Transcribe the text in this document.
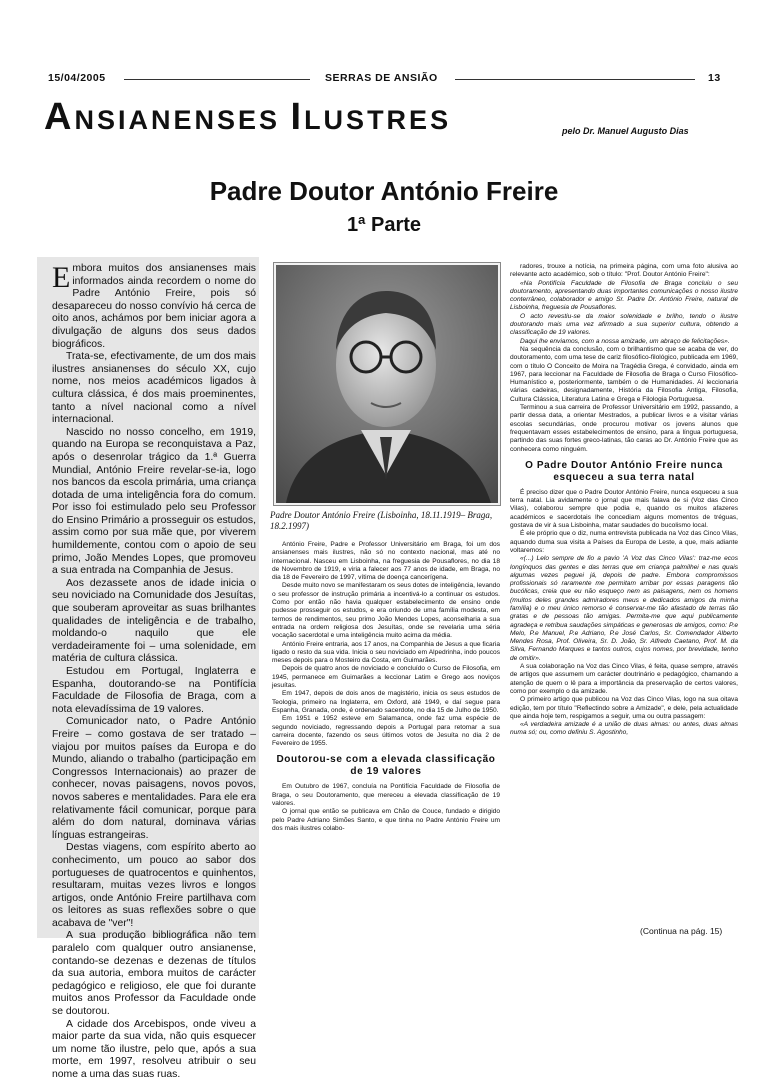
15/04/2005	SERRAS DE ANSIÃO	13
ANSIANENSES ILUSTRES	pelo Dr. Manuel Augusto Dias
Padre Doutor António Freire
1ª Parte
Padre Doutor António Freire (Lisboinha, 18.11.1919– Braga, 18.2.1997)

Embora muitos dos ansianenses mais informados ainda recordem o nome do Padre António Freire, pois só desapareceu do nosso convívio há cerca de oito anos, achámos por bem iniciar agora a divulgação de alguns dos seus dados biográficos.

Trata-se, efectivamente, de um dos mais ilustres ansianenses do século XX, cujo nome, nos meios académicos ligados à cultura clássica, é dos mais proeminentes, tanto a nível nacional como a nível internacional.

Nascido no nosso concelho, em 1919, quando na Europa se reconquistava a Paz, após o desenrolar trágico da 1.ª Guerra Mundial, António Freire revelar-se-ia, logo nos bancos da escola primária, uma criança dotada de uma inteligência fora do comum. Por isso foi estimulado pelo seu Professor do Ensino Primário a prosseguir os estudos, assim como por sua mãe que, por viverem humildemente, contou com o apoio de seu primo, João Mendes Lopes, que promoveu a sua entrada na Companhia de Jesus.

Aos dezassete anos de idade inicia o seu noviciado na Comunidade dos Jesuítas, que souberam aproveitar as suas brilhantes qualidades de inteligência e de trabalho, moldando-o naquilo que ele verdadeiramente foi – uma solenidade, em matéria de cultura clássica.

Estudou em Portugal, Inglaterra e Espanha, doutorando-se na Pontifícia Faculdade de Filosofia de Braga, com a nota elevadíssima de 19 valores.

Comunicador nato, o Padre António Freire – como gostava de ser tratado – viajou por muitos países da Europa e do Mundo, aliando o trabalho (participação em Congressos Internacionais) ao prazer de conhecer, novas paisagens, novos povos, novos saberes e mentalidades. Para ele era relativamente fácil comunicar, porque para além do dom natural, dominava várias línguas estrangeiras.

Destas viagens, com espírito aberto ao conhecimento, um pouco ao sabor dos portugueses de quatrocentos e quinhentos, resultaram, muitas vezes livros e longos artigos, onde António Freire partilhava com os leitores as suas reflexões sobre o que acabava de "ver"!

A sua produção bibliográfica não tem paralelo com qualquer outro ansianense, contando-se dezenas e dezenas de títulos da sua autoria, embora muitos de carácter pedagógico e religioso, ele que foi durante muitos anos Professor da Faculdade onde se doutorou.

A cidade dos Arcebispos, onde viveu a maior parte da sua vida, não quis esquecer um nome tão ilustre, pelo que, após a sua morte, em 1997, resolveu atribuir o seu nome a uma das suas ruas.

António Freire, Padre e Professor Universitário em Braga, foi um dos ansianenses mais ilustres, não só no contexto nacional, mas até no internacional. Nasceu em Lisboinha, na freguesia de Pousaflores, no dia 18 de Novembro de 1919, e viria a falecer aos 77 anos de idade, em Braga, no dia 18 de Fevereiro de 1997, vítima de doença cancerígena.

Desde muito novo se manifestaram os seus dotes de inteligência, levando o seu professor de instrução primária a incentivá-lo a continuar os estudos. Como por então não havia qualquer estabelecimento de ensino onde pudesse prosseguir os estudos, e era oriundo de uma família modesta, em termos de rendimentos, seu primo João Mendes Lopes, aconselharia a sua entrada na ordem religiosa dos Jesuítas, onde se revelaria uma séria vocação sacerdotal e uma inteligência muito acima da média.

António Freire entraria, aos 17 anos, na Companhia de Jesus a que ficaria ligado o resto da sua vida. Inicia o seu noviciado em Alpedrinha, indo poucos meses depois para o Mosteiro da Costa, em Guimarães.

Depois de quatro anos de noviciado e concluído o Curso de Filosofia, em 1945, permanece em Guimarães a leccionar Latim e Grego aos noviços jesuítas.

Em 1947, depois de dois anos de magistério, inicia os seus estudos de Teologia, primeiro na Inglaterra, em Oxford, até 1949, e daí segue para Espanha, Granada, onde, é ordenado sacerdote, no dia 15 de Julho de 1950.

Em 1951 e 1952 esteve em Salamanca, onde faz uma espécie de segundo noviciado, regressando depois a Portugal para retomar a sua carreira docente, fazendo os seus últimos votos de Jesuíta no dia 2 de Fevereiro de 1955.

Doutorou-se com a elevada classificação de 19 valores

Em Outubro de 1967, concluía na Pontifícia Faculdade de Filosofia de Braga, o seu Doutoramento, que mereceu a elevada classificação de 19 valores.

O jornal que então se publicava em Chão de Couce, fundado e dirigido pelo Padre Adriano Simões Santo, e que tinha no Padre António Freire um dos mais ilustres colabo-

radores, trouxe a notícia, na primeira página, com uma foto alusiva ao relevante acto académico, sob o título: "Prof. Doutor António Freire":

«Na Pontifícia Faculdade de Filosofia de Braga concluiu o seu doutoramento, apresentando duas importantes comunicações o nosso ilustre conterrâneo, colaborador e amigo Sr. Padre Dr. António Freire, natural de Lisboinha, freguesia de Pousaflores.

O acto revestiu-se da maior solenidade e brilho, tendo o ilustre doutorando mais uma vez afirmado a sua superior cultura, obtendo a classificação de 19 valores.

Daqui lhe enviamos, com a nossa amizade, um abraço de felicitações».

Na sequência da conclusão, com o brilhantismo que se acaba de ver, do doutoramento, com uma tese de cariz filosófico-filológico, publicada em 1969, com o título O Conceito de Moira na Tragédia Grega, é convidado, ainda em 1967, para leccionar na Faculdade de Filosofia de Braga o Curso Filosófico-Humanístico e, posteriormente, também o de Humanidades. Aí leccionaria várias cadeiras, designadamente, História da Filosofia Antiga, Filosofia, Cultura Clássica, Literatura Latina e Grega e Filologia Portuguesa.

Terminou a sua carreira de Professor Universitário em 1992, passando, a partir dessa data, a orientar Mestrados, a publicar livros e a visitar várias escolas secundárias, onde procurou motivar os jovens alunos que frequentavam esses estabelecimentos de ensino, para a língua portuguesa, partindo das suas fortes greco-latinas, tão caras ao Dr. António Freire que as conhecera como ninguém.

O Padre Doutor António Freire nunca esqueceu a sua terra natal

É preciso dizer que o Padre Doutor António Freire, nunca esqueceu a sua terra natal. Lia avidamente o jornal que mais falava de si (Voz das Cinco Vilas), colaborou sempre que podia e, quando os muitos afazeres académicos e sacerdotais lhe concediam alguns momentos de tréguas, gostava de vir à sua Lisboinha, matar saudades do bucolismo local.

É ele próprio que o diz, numa entrevista publicada na Voz das Cinco Vilas, aquando duma sua visita a Países da Europa de Leste, a que, mais adiante voltaremos:

«(...) Lelo sempre de fio a pavio 'A Voz das Cinco Vilas': traz-me ecos longínquos das gentes e das terras que em criança palmilhei e nas quais algumas vezes peguei já, depois de padre. Embora compromissos profissionais só raramente me permitam arribar por essas paragens tão bucólicas, creia que eu não esqueço nem as paisagens, nem os homens (muitos deles grandes admiradores meus e dedicados amigos da minha família) e o meu único remorso é conservar-me tão afastado de terras tão gratas e de pessoas tão amigas. Permita-me que aqui publicamente agradeça e retribua saudações simpáticas e generosas de amigos, como: P.e Melo, P.e Manuel, P.e Adriano, P.e José Carlos, Sr. Comendador Alberto Mendes Rosa, Prof. Oliveira, Sr. D. João, Sr. Alfredo Caetano, Prof. M. da Silva, Fernando Marques e tantos outros, cujos nomes, por brevidade, tenho de omitir».

A sua colaboração na Voz das Cinco Vilas, é feita, quase sempre, através de artigos que assumem um carácter doutrinário e pedagógico, chamando a atenção de quem o lê para a importância da preservação de certos valores, como por exemplo o da amizade.

O primeiro artigo que publicou na Voz das Cinco Vilas, logo na sua oitava edição, tem por título "Reflectindo sobre a Amizade", e dele, pela actualidade que ainda hoje tem, respigamos a seguir, uma ou outra passagem:

«A verdadeira amizade é a união de duas almas: ou antes, duas almas numa só; ou, como definiu S. Agostinho,

(Continua na pág. 15)
